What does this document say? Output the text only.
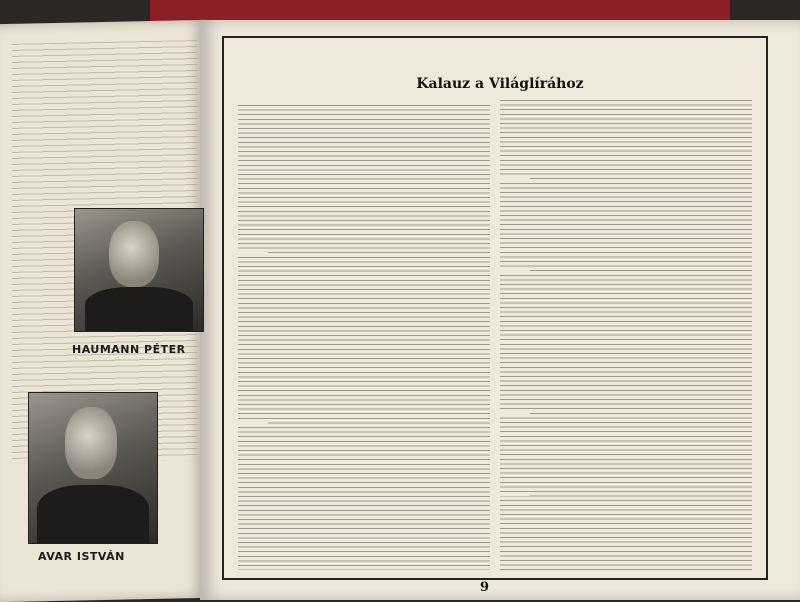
HAUMANN PÉTER
AVAR ISTVÁN
Kalauz a Világlírához
9
